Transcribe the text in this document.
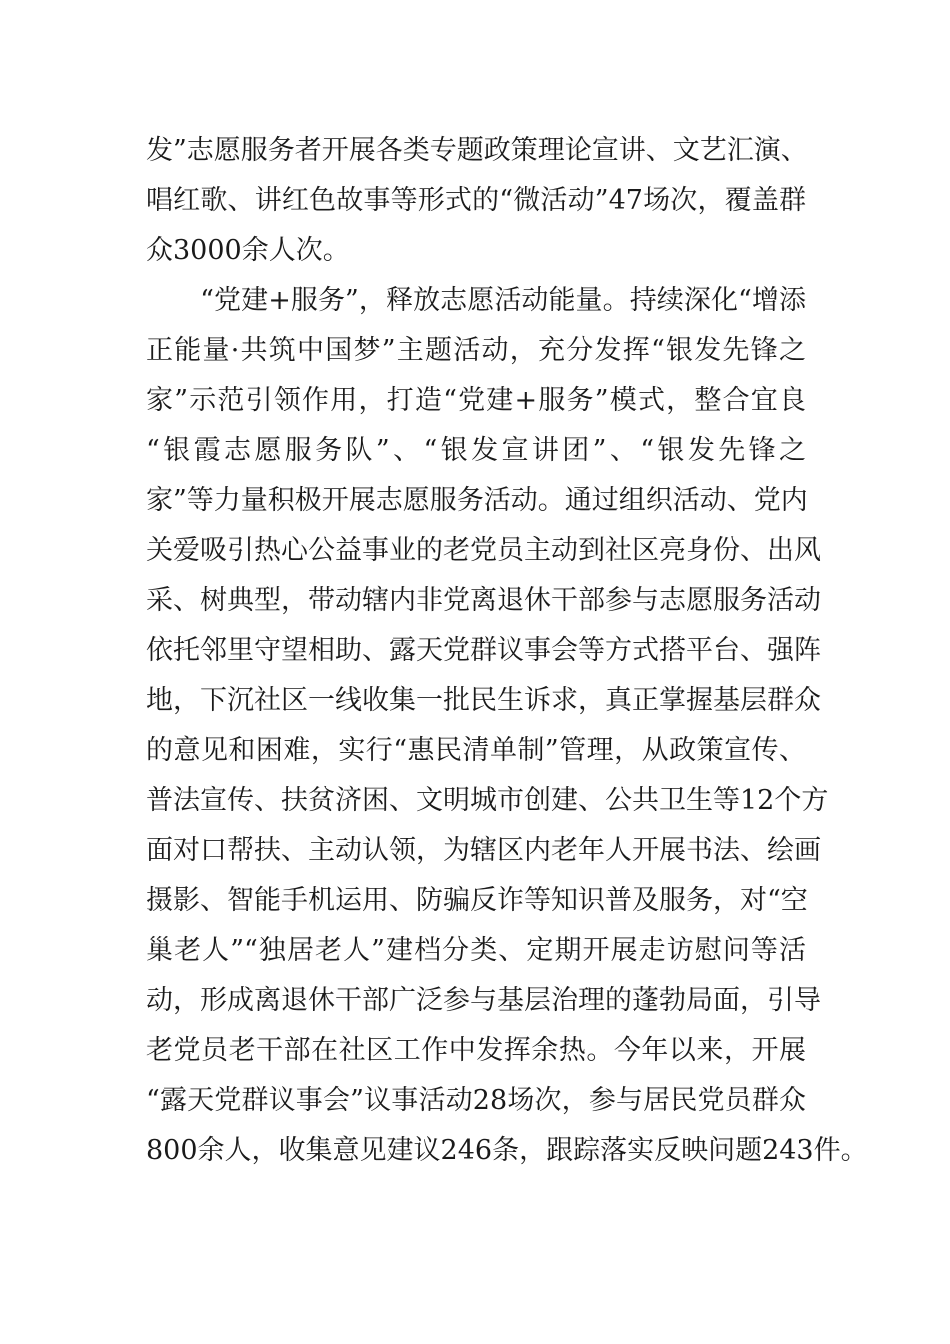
发”志愿服务者开展各类专题政策理论宣讲、文艺汇演、

唱红歌、讲红色故事等形式的“微活动”47场次，覆盖群

众3000余人次。

　　“党建+服务”，释放志愿活动能量。持续深化“增添

正能量·共筑中国梦”主题活动，充分发挥“银发先锋之

家”示范引领作用，打造“党建+服务”模式，整合宜良

“银霞志愿服务队”、“银发宣讲团”、“银发先锋之

家”等力量积极开展志愿服务活动。通过组织活动、党内

关爱吸引热心公益事业的老党员主动到社区亮身份、出风

采、树典型，带动辖内非党离退休干部参与志愿服务活动

依托邻里守望相助、露天党群议事会等方式搭平台、强阵

地，下沉社区一线收集一批民生诉求，真正掌握基层群众

的意见和困难，实行“惠民清单制”管理，从政策宣传、

普法宣传、扶贫济困、文明城市创建、公共卫生等12个方

面对口帮扶、主动认领，为辖区内老年人开展书法、绘画

摄影、智能手机运用、防骗反诈等知识普及服务，对“空

巢老人”“独居老人”建档分类、定期开展走访慰问等活

动，形成离退休干部广泛参与基层治理的蓬勃局面，引导

老党员老干部在社区工作中发挥余热。今年以来，开展

“露天党群议事会”议事活动28场次，参与居民党员群众

800余人，收集意见建议246条，跟踪落实反映问题243件。
